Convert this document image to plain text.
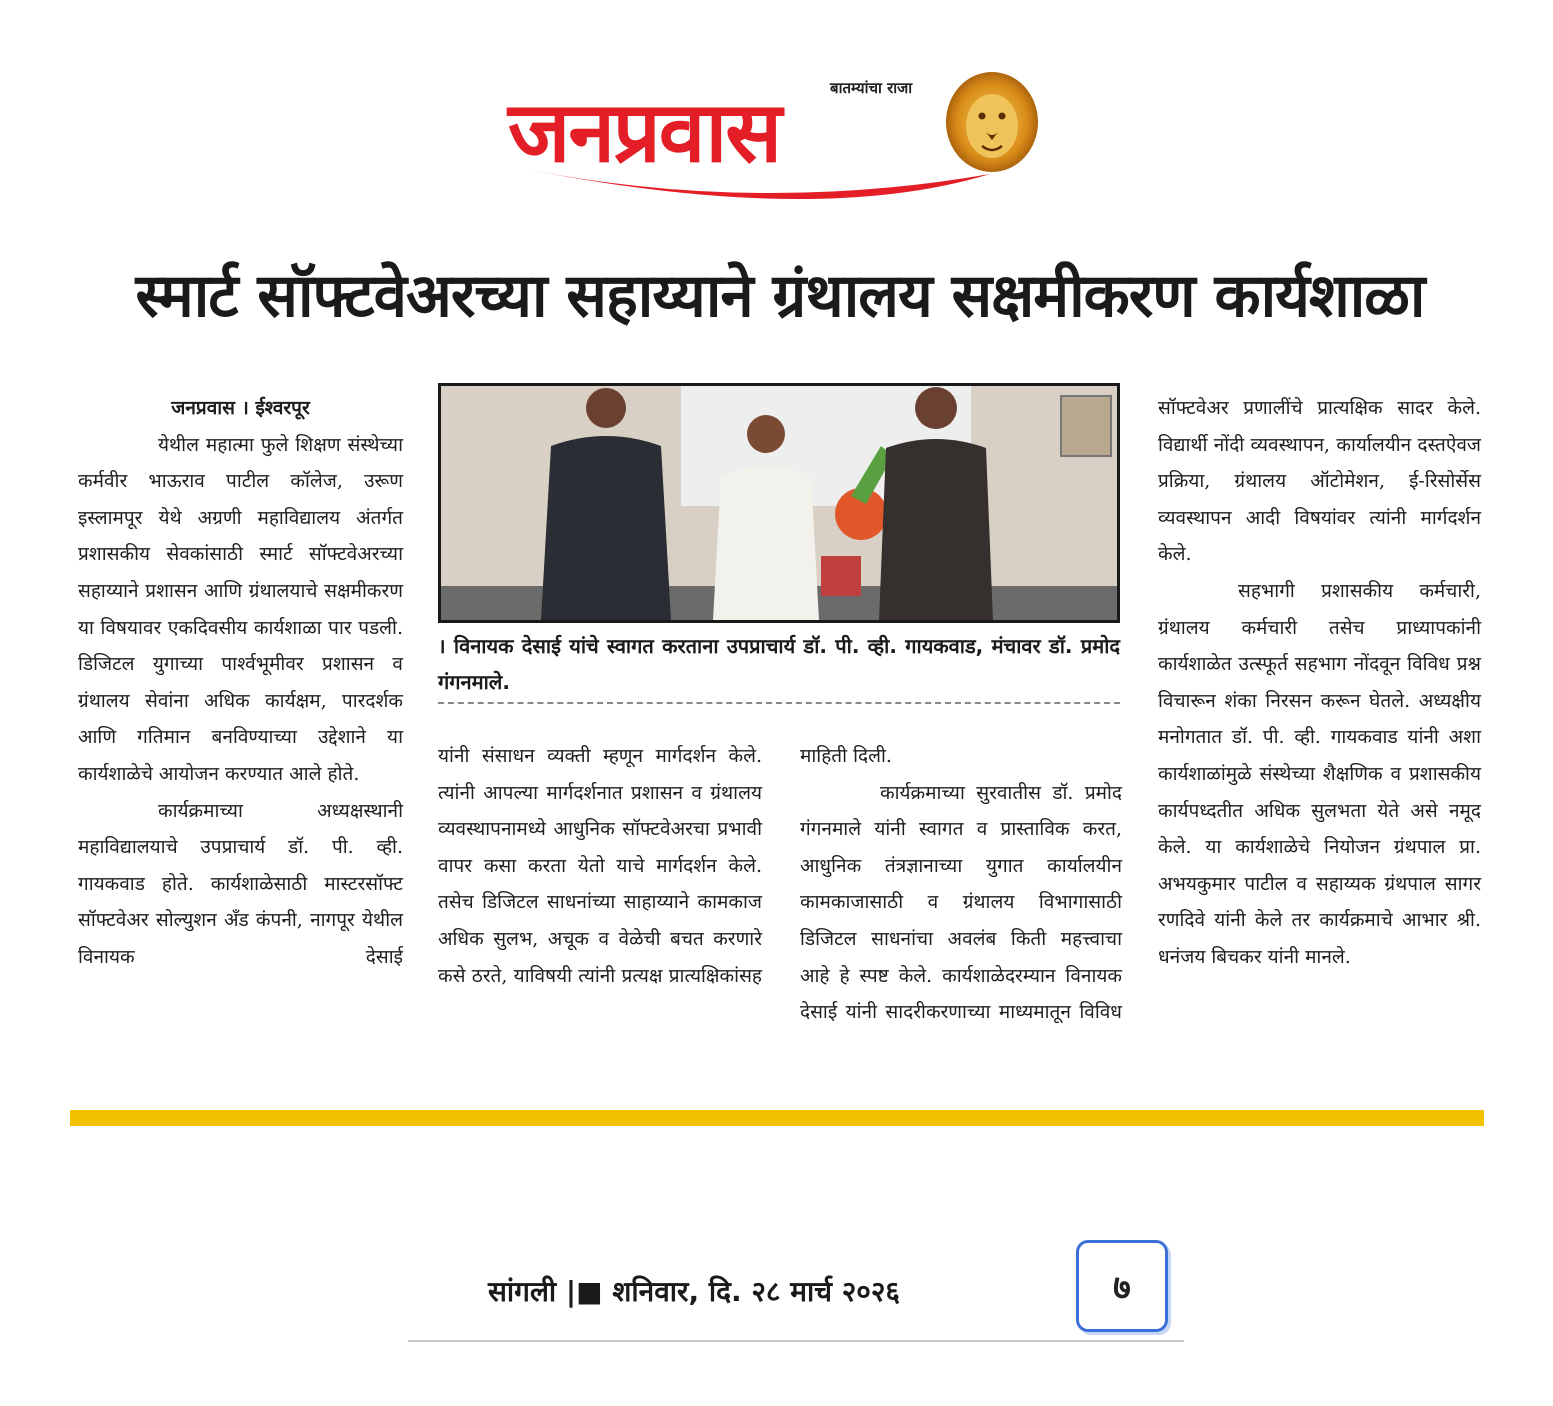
बातम्यांचा राजा
जनप्रवास
स्मार्ट सॉफ्टवेअरच्या सहाय्याने ग्रंथालय सक्षमीकरण कार्यशाळा
जनप्रवास । ईश्वरपूर

येथील महात्मा फुले शिक्षण संस्थेच्या कर्मवीर भाऊराव पाटील कॉलेज, उरूण इस्लामपूर येथे अग्रणी महाविद्यालय अंतर्गत प्रशासकीय सेवकांसाठी स्मार्ट सॉफ्टवेअरच्या सहाय्याने प्रशासन आणि ग्रंथालयाचे सक्षमीकरण या विषयावर एकदिवसीय कार्यशाळा पार पडली. डिजिटल युगाच्या पार्श्वभूमीवर प्रशासन व ग्रंथालय सेवांना अधिक कार्यक्षम, पारदर्शक आणि गतिमान बनविण्याच्या उद्देशाने या कार्यशाळेचे आयोजन करण्यात आले होते.

कार्यक्रमाच्या अध्यक्षस्थानी महाविद्यालयाचे उपप्राचार्य डॉ. पी. व्ही. गायकवाड होते. कार्यशाळेसाठी मास्टरसॉफ्ट सॉफ्टवेअर सोल्युशन अँड कंपनी, नागपूर येथील विनायक देसाई

। विनायक देसाई यांचे स्वागत करताना उपप्राचार्य डॉ. पी. व्ही. गायकवाड, मंचावर डॉ. प्रमोद गंगनमाले.

यांनी संसाधन व्यक्ती म्हणून मार्गदर्शन केले. त्यांनी आपल्या मार्गदर्शनात प्रशासन व ग्रंथालय व्यवस्थापनामध्ये आधुनिक सॉफ्टवेअरचा प्रभावी वापर कसा करता येतो याचे मार्गदर्शन केले. तसेच डिजिटल साधनांच्या साहाय्याने कामकाज अधिक सुलभ, अचूक व वेळेची बचत करणारे कसे ठरते, याविषयी त्यांनी प्रत्यक्ष प्रात्यक्षिकांसह

माहिती दिली.

कार्यक्रमाच्या सुरवातीस डॉ. प्रमोद गंगनमाले यांनी स्वागत व प्रास्ताविक करत, आधुनिक तंत्रज्ञानाच्या युगात कार्यालयीन कामकाजासाठी व ग्रंथालय विभागासाठी डिजिटल साधनांचा अवलंब किती महत्त्वाचा आहे हे स्पष्ट केले. कार्यशाळेदरम्यान विनायक देसाई यांनी सादरीकरणाच्या माध्यमातून विविध

सॉफ्टवेअर प्रणालींचे प्रात्यक्षिक सादर केले. विद्यार्थी नोंदी व्यवस्थापन, कार्यालयीन दस्तऐवज प्रक्रिया, ग्रंथालय ऑटोमेशन, ई-रिसोर्सेस व्यवस्थापन आदी विषयांवर त्यांनी मार्गदर्शन केले.

सहभागी प्रशासकीय कर्मचारी, ग्रंथालय कर्मचारी तसेच प्राध्यापकांनी कार्यशाळेत उत्स्फूर्त सहभाग नोंदवून विविध प्रश्न विचारून शंका निरसन करून घेतले. अध्यक्षीय मनोगतात डॉ. पी. व्ही. गायकवाड यांनी अशा कार्यशाळांमुळे संस्थेच्या शैक्षणिक व प्रशासकीय कार्यपध्दतीत अधिक सुलभता येते असे नमूद केले. या कार्यशाळेचे नियोजन ग्रंथपाल प्रा. अभयकुमार पाटील व सहाय्यक ग्रंथपाल सागर रणदिवे यांनी केले तर कार्यक्रमाचे आभार श्री. धनंजय बिचकर यांनी मानले.

सांगली |■ शनिवार, दि. २८ मार्च २०२६	७
